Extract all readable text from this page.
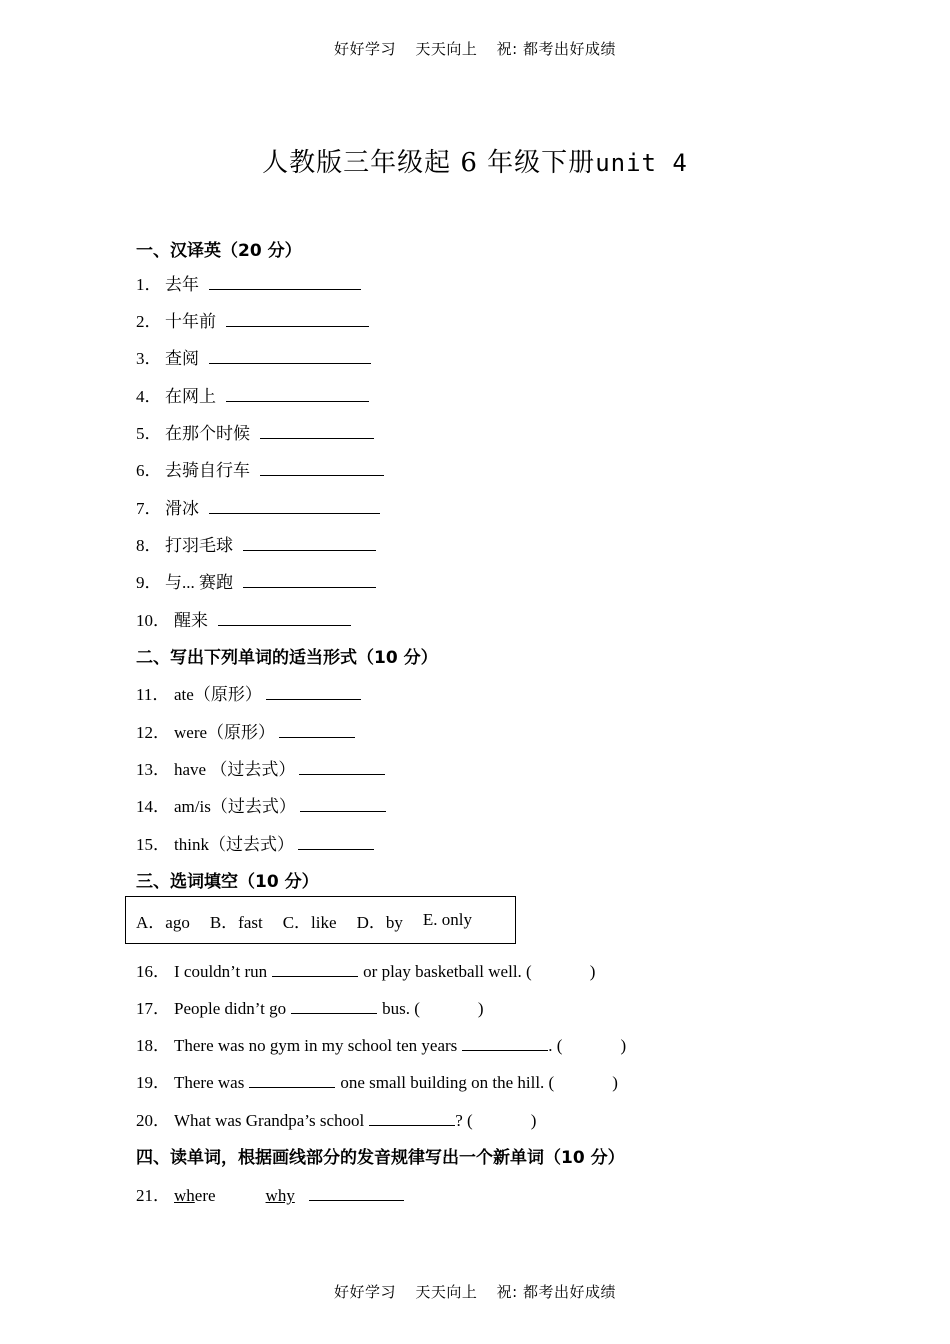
好好学习 天天向上 祝: 都考出好成绩
人教版三年级起 6 年级下册unit 4
一、汉译英（20 分）
1． 去年
2． 十年前
3． 查阅
4． 在网上
5． 在那个时候
6． 去骑自行车
7． 滑冰
8． 打羽毛球
9． 与... 赛跑
10． 醒来
二、写出下列单词的适当形式（10 分）
11． ate（原形）
12． were（原形）
13． have （过去式）
14． am/is（过去式）
15． think（过去式）
三、选词填空（10 分）
A．ago B．fast C．like D．by E. only
16． I couldn’t run	or play basketball well. (	)
17． People didn’t go	bus. (	)
18． There was no gym in my school ten years	. (	)
19． There was	one small building on the hill. (	)
20． What was Grandpa’s school	? (	)
四、读单词，根据画线部分的发音规律写出一个新单词（10 分）
21． where	why
好好学习 天天向上 祝: 都考出好成绩
